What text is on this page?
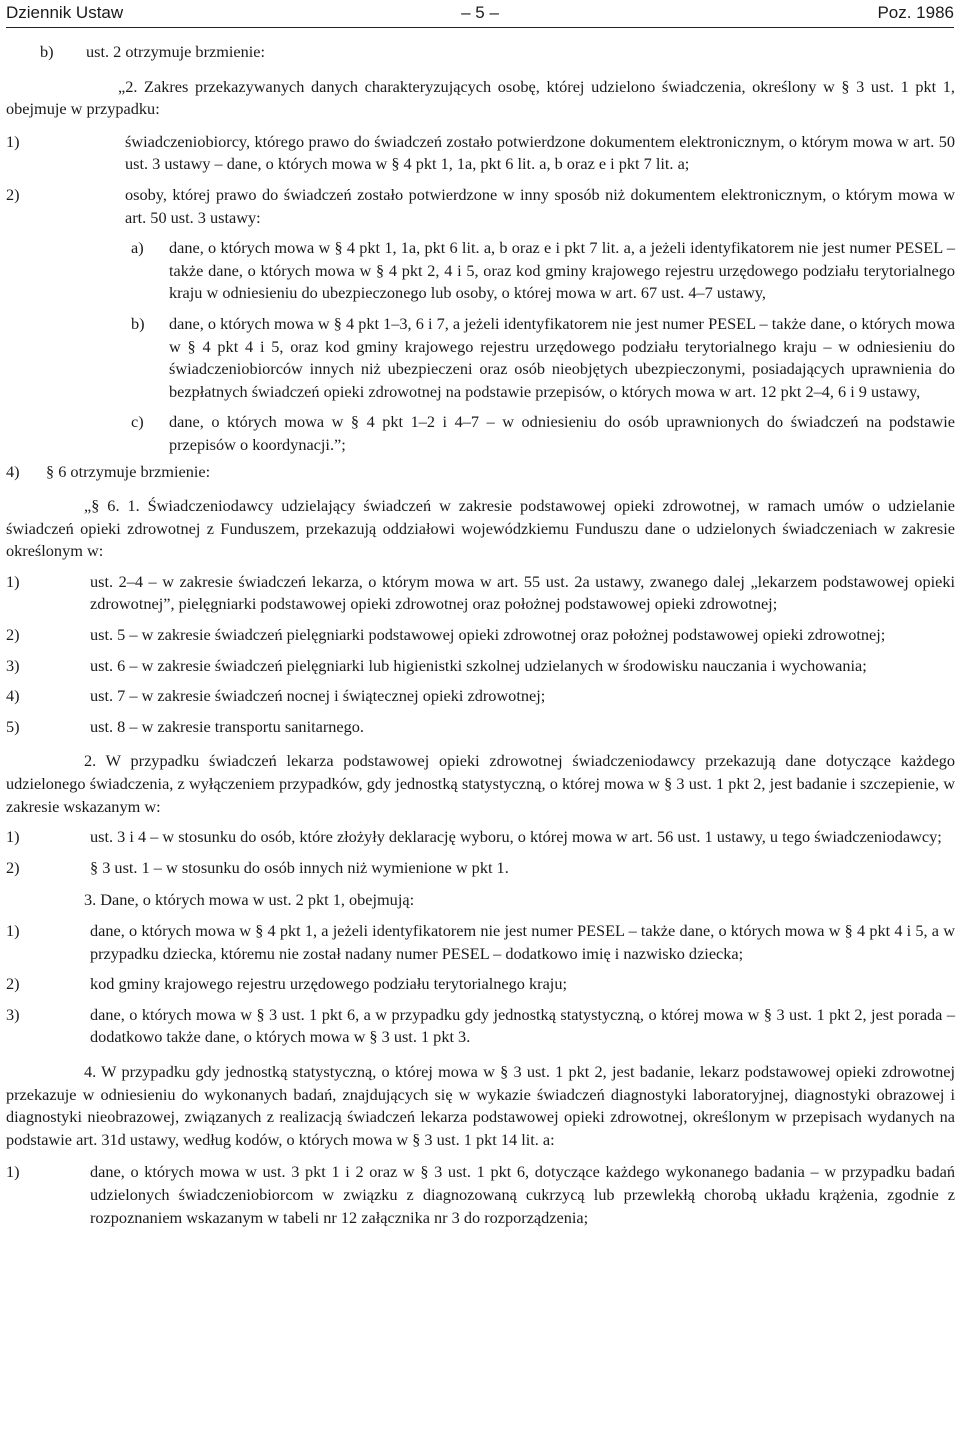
Dziennik Ustaw	– 5 –	Poz. 1986
b) ust. 2 otrzymuje brzmienie:

„2. Zakres przekazywanych danych charakteryzujących osobę, której udzielono świadczenia, określony w § 3 ust. 1 pkt 1, obejmuje w przypadku:

1)	świadczeniobiorcy, którego prawo do świadczeń zostało potwierdzone dokumentem elektronicznym, o którym mowa w art. 50 ust. 3 ustawy – dane, o których mowa w § 4 pkt 1, 1a, pkt 6 lit. a, b oraz e i pkt 7 lit. a;

2)	osoby, której prawo do świadczeń zostało potwierdzone w inny sposób niż dokumentem elektronicznym, o którym mowa w art. 50 ust. 3 ustawy:

a) dane, o których mowa w § 4 pkt 1, 1a, pkt 6 lit. a, b oraz e i pkt 7 lit. a, a jeżeli identyfikatorem nie jest numer PESEL – także dane, o których mowa w § 4 pkt 2, 4 i 5, oraz kod gminy krajowego rejestru urzędowego podziału terytorialnego kraju w odniesieniu do ubezpieczonego lub osoby, o której mowa w art. 67 ust. 4–7 ustawy,

b) dane, o których mowa w § 4 pkt 1–3, 6 i 7, a jeżeli identyfikatorem nie jest numer PESEL – także dane, o których mowa w § 4 pkt 4 i 5, oraz kod gminy krajowego rejestru urzędowego podziału terytorialnego kraju – w odniesieniu do świadczeniobiorców innych niż ubezpieczeni oraz osób nieobjętych ubezpieczonymi, posiadających uprawnienia do bezpłatnych świadczeń opieki zdrowotnej na podstawie przepisów, o których mowa w art. 12 pkt 2–4, 6 i 9 ustawy,

c) dane, o których mowa w § 4 pkt 1–2 i 4–7 – w odniesieniu do osób uprawnionych do świadczeń na podstawie przepisów o koordynacji.”;

4) § 6 otrzymuje brzmienie:

„§ 6. 1. Świadczeniodawcy udzielający świadczeń w zakresie podstawowej opieki zdrowotnej, w ramach umów o udzielanie świadczeń opieki zdrowotnej z Funduszem, przekazują oddziałowi wojewódzkiemu Funduszu dane o udzielonych świadczeniach w zakresie określonym w:

1)	ust. 2–4 – w zakresie świadczeń lekarza, o którym mowa w art. 55 ust. 2a ustawy, zwanego dalej „lekarzem podstawowej opieki zdrowotnej”, pielęgniarki podstawowej opieki zdrowotnej oraz położnej podstawowej opieki zdrowotnej;

2)	ust. 5 – w zakresie świadczeń pielęgniarki podstawowej opieki zdrowotnej oraz położnej podstawowej opieki zdrowotnej;

3)	ust. 6 – w zakresie świadczeń pielęgniarki lub higienistki szkolnej udzielanych w środowisku nauczania i wychowania;

4)	ust. 7 – w zakresie świadczeń nocnej i świątecznej opieki zdrowotnej;

5)	ust. 8 – w zakresie transportu sanitarnego.

2. W przypadku świadczeń lekarza podstawowej opieki zdrowotnej świadczeniodawcy przekazują dane dotyczące każdego udzielonego świadczenia, z wyłączeniem przypadków, gdy jednostką statystyczną, o której mowa w § 3 ust. 1 pkt 2, jest badanie i szczepienie, w zakresie wskazanym w:

1)	ust. 3 i 4 – w stosunku do osób, które złożyły deklarację wyboru, o której mowa w art. 56 ust. 1 ustawy, u tego świadczeniodawcy;

2)	§ 3 ust. 1 – w stosunku do osób innych niż wymienione w pkt 1.

3. Dane, o których mowa w ust. 2 pkt 1, obejmują:

1)	dane, o których mowa w § 4 pkt 1, a jeżeli identyfikatorem nie jest numer PESEL – także dane, o których mowa w § 4 pkt 4 i 5, a w przypadku dziecka, któremu nie został nadany numer PESEL – dodatkowo imię i nazwisko dziecka;

2)	kod gminy krajowego rejestru urzędowego podziału terytorialnego kraju;

3)	dane, o których mowa w § 3 ust. 1 pkt 6, a w przypadku gdy jednostką statystyczną, o której mowa w § 3 ust. 1 pkt 2, jest porada – dodatkowo także dane, o których mowa w § 3 ust. 1 pkt 3.

4. W przypadku gdy jednostką statystyczną, o której mowa w § 3 ust. 1 pkt 2, jest badanie, lekarz podstawowej opieki zdrowotnej przekazuje w odniesieniu do wykonanych badań, znajdujących się w wykazie świadczeń diagnostyki laboratoryjnej, diagnostyki obrazowej i diagnostyki nieobrazowej, związanych z realizacją świadczeń lekarza podstawowej opieki zdrowotnej, określonym w przepisach wydanych na podstawie art. 31d ustawy, według kodów, o których mowa w § 3 ust. 1 pkt 14 lit. a:

1)	dane, o których mowa w ust. 3 pkt 1 i 2 oraz w § 3 ust. 1 pkt 6, dotyczące każdego wykonanego badania – w przypadku badań udzielonych świadczeniobiorcom w związku z diagnozowaną cukrzycą lub przewlekłą chorobą układu krążenia, zgodnie z rozpoznaniem wskazanym w tabeli nr 12 załącznika nr 3 do rozporządzenia;
